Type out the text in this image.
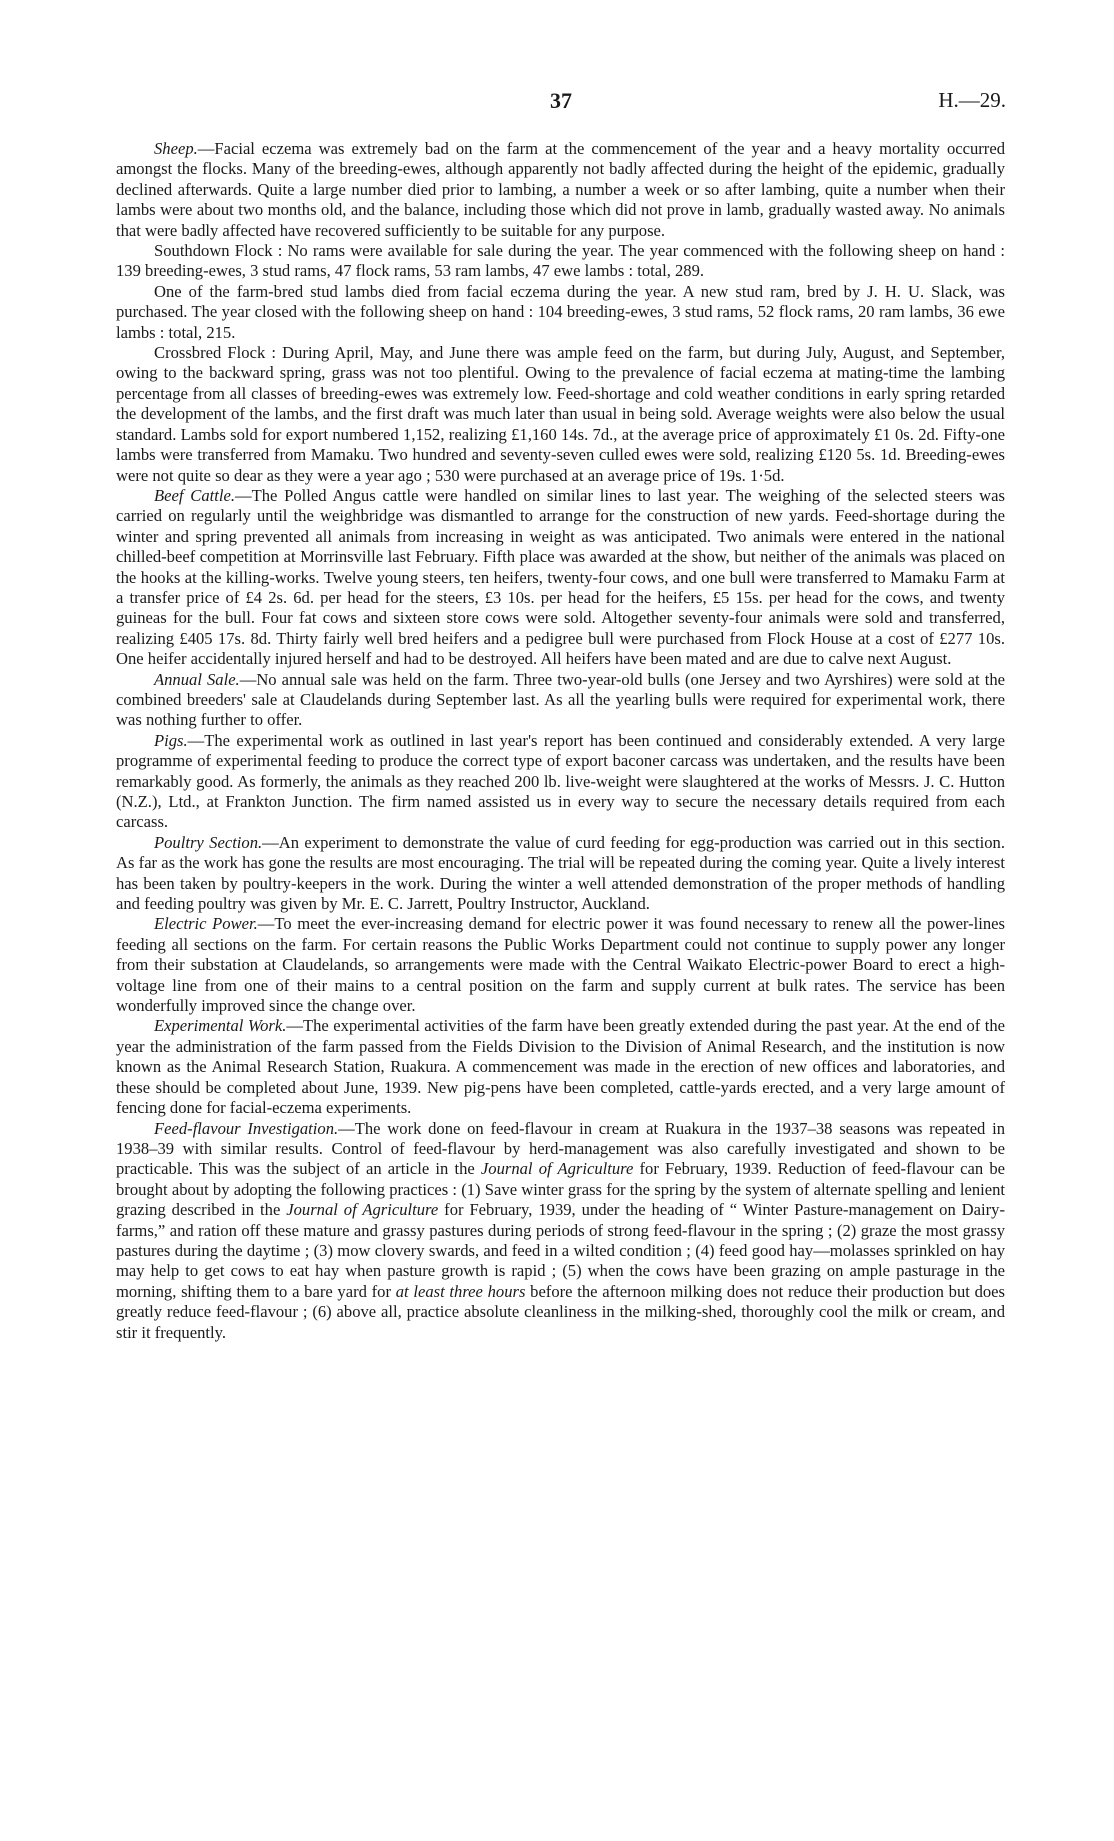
37	H.—29.

Sheep.—Facial eczema was extremely bad on the farm at the commencement of the year and a heavy mortality occurred amongst the flocks. Many of the breeding-ewes, although apparently not badly affected during the height of the epidemic, gradually declined afterwards. Quite a large number died prior to lambing, a number a week or so after lambing, quite a number when their lambs were about two months old, and the balance, including those which did not prove in lamb, gradually wasted away. No animals that were badly affected have recovered sufficiently to be suitable for any purpose.

Southdown Flock : No rams were available for sale during the year. The year commenced with the following sheep on hand : 139 breeding-ewes, 3 stud rams, 47 flock rams, 53 ram lambs, 47 ewe lambs : total, 289.

One of the farm-bred stud lambs died from facial eczema during the year. A new stud ram, bred by J. H. U. Slack, was purchased. The year closed with the following sheep on hand : 104 breeding-ewes, 3 stud rams, 52 flock rams, 20 ram lambs, 36 ewe lambs : total, 215.

Crossbred Flock : During April, May, and June there was ample feed on the farm, but during July, August, and September, owing to the backward spring, grass was not too plentiful. Owing to the prevalence of facial eczema at mating-time the lambing percentage from all classes of breeding-ewes was extremely low. Feed-shortage and cold weather conditions in early spring retarded the development of the lambs, and the first draft was much later than usual in being sold. Average weights were also below the usual standard. Lambs sold for export numbered 1,152, realizing £1,160 14s. 7d., at the average price of approximately £1 0s. 2d. Fifty-one lambs were transferred from Mamaku. Two hundred and seventy-seven culled ewes were sold, realizing £120 5s. 1d. Breeding-ewes were not quite so dear as they were a year ago ; 530 were purchased at an average price of 19s. 1·5d.

Beef Cattle.—The Polled Angus cattle were handled on similar lines to last year. The weighing of the selected steers was carried on regularly until the weighbridge was dismantled to arrange for the construction of new yards. Feed-shortage during the winter and spring prevented all animals from increasing in weight as was anticipated. Two animals were entered in the national chilled-beef competition at Morrinsville last February. Fifth place was awarded at the show, but neither of the animals was placed on the hooks at the killing-works. Twelve young steers, ten heifers, twenty-four cows, and one bull were transferred to Mamaku Farm at a transfer price of £4 2s. 6d. per head for the steers, £3 10s. per head for the heifers, £5 15s. per head for the cows, and twenty guineas for the bull. Four fat cows and sixteen store cows were sold. Altogether seventy-four animals were sold and transferred, realizing £405 17s. 8d. Thirty fairly well bred heifers and a pedigree bull were purchased from Flock House at a cost of £277 10s. One heifer accidentally injured herself and had to be destroyed. All heifers have been mated and are due to calve next August.

Annual Sale.—No annual sale was held on the farm. Three two-year-old bulls (one Jersey and two Ayrshires) were sold at the combined breeders' sale at Claudelands during September last. As all the yearling bulls were required for experimental work, there was nothing further to offer.

Pigs.—The experimental work as outlined in last year's report has been continued and considerably extended. A very large programme of experimental feeding to produce the correct type of export baconer carcass was undertaken, and the results have been remarkably good. As formerly, the animals as they reached 200 lb. live-weight were slaughtered at the works of Messrs. J. C. Hutton (N.Z.), Ltd., at Frankton Junction. The firm named assisted us in every way to secure the necessary details required from each carcass.

Poultry Section.—An experiment to demonstrate the value of curd feeding for egg-production was carried out in this section. As far as the work has gone the results are most encouraging. The trial will be repeated during the coming year. Quite a lively interest has been taken by poultry-keepers in the work. During the winter a well attended demonstration of the proper methods of handling and feeding poultry was given by Mr. E. C. Jarrett, Poultry Instructor, Auckland.

Electric Power.—To meet the ever-increasing demand for electric power it was found necessary to renew all the power-lines feeding all sections on the farm. For certain reasons the Public Works Department could not continue to supply power any longer from their substation at Claudelands, so arrangements were made with the Central Waikato Electric-power Board to erect a high-voltage line from one of their mains to a central position on the farm and supply current at bulk rates. The service has been wonderfully improved since the change over.

Experimental Work.—The experimental activities of the farm have been greatly extended during the past year. At the end of the year the administration of the farm passed from the Fields Division to the Division of Animal Research, and the institution is now known as the Animal Research Station, Ruakura. A commencement was made in the erection of new offices and laboratories, and these should be completed about June, 1939. New pig-pens have been completed, cattle-yards erected, and a very large amount of fencing done for facial-eczema experiments.

Feed-flavour Investigation.—The work done on feed-flavour in cream at Ruakura in the 1937–38 seasons was repeated in 1938–39 with similar results. Control of feed-flavour by herd-management was also carefully investigated and shown to be practicable. This was the subject of an article in the Journal of Agriculture for February, 1939. Reduction of feed-flavour can be brought about by adopting the following practices : (1) Save winter grass for the spring by the system of alternate spelling and lenient grazing described in the Journal of Agriculture for February, 1939, under the heading of “ Winter Pasture-management on Dairy-farms,” and ration off these mature and grassy pastures during periods of strong feed-flavour in the spring ; (2) graze the most grassy pastures during the daytime ; (3) mow clovery swards, and feed in a wilted condition ; (4) feed good hay—molasses sprinkled on hay may help to get cows to eat hay when pasture growth is rapid ; (5) when the cows have been grazing on ample pasturage in the morning, shifting them to a bare yard for at least three hours before the afternoon milking does not reduce their production but does greatly reduce feed-flavour ; (6) above all, practice absolute cleanliness in the milking-shed, thoroughly cool the milk or cream, and stir it frequently.
